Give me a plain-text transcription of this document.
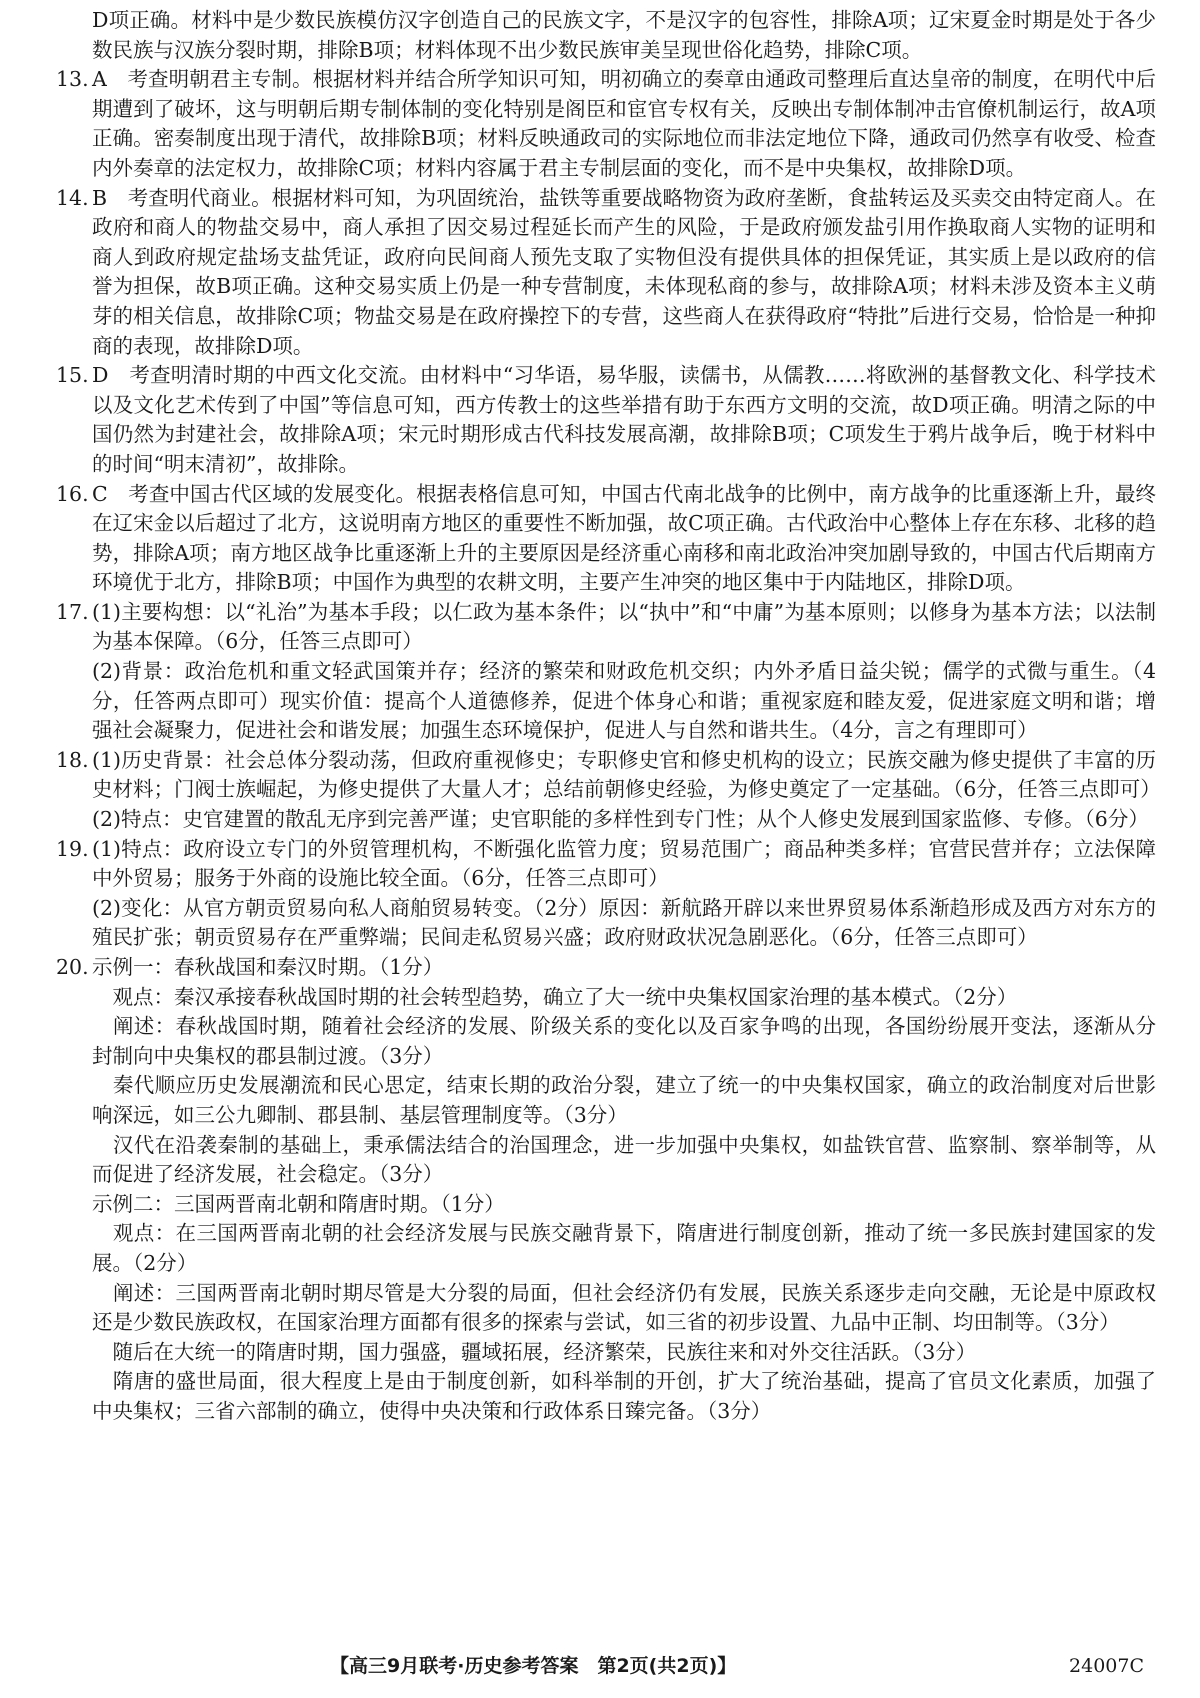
D项正确。材料中是少数民族模仿汉字创造自己的民族文字，不是汉字的包容性，排除A项；辽宋夏金时期是处于各少数民族与汉族分裂时期，排除B项；材料体现不出少数民族审美呈现世俗化趋势，排除C项。

13. A　考查明朝君主专制。根据材料并结合所学知识可知，明初确立的奏章由通政司整理后直达皇帝的制度，在明代中后期遭到了破坏，这与明朝后期专制体制的变化特别是阁臣和宦官专权有关，反映出专制体制冲击官僚机制运行，故A项正确。密奏制度出现于清代，故排除B项；材料反映通政司的实际地位而非法定地位下降，通政司仍然享有收受、检查内外奏章的法定权力，故排除C项；材料内容属于君主专制层面的变化，而不是中央集权，故排除D项。

14. B　考查明代商业。根据材料可知，为巩固统治，盐铁等重要战略物资为政府垄断，食盐转运及买卖交由特定商人。在政府和商人的物盐交易中，商人承担了因交易过程延长而产生的风险，于是政府颁发盐引用作换取商人实物的证明和商人到政府规定盐场支盐凭证，政府向民间商人预先支取了实物但没有提供具体的担保凭证，其实质上是以政府的信誉为担保，故B项正确。这种交易实质上仍是一种专营制度，未体现私商的参与，故排除A项；材料未涉及资本主义萌芽的相关信息，故排除C项；物盐交易是在政府操控下的专营，这些商人在获得政府“特批”后进行交易，恰恰是一种抑商的表现，故排除D项。

15. D　考查明清时期的中西文化交流。由材料中“习华语，易华服，读儒书，从儒教……将欧洲的基督教文化、科学技术以及文化艺术传到了中国”等信息可知，西方传教士的这些举措有助于东西方文明的交流，故D项正确。明清之际的中国仍然为封建社会，故排除A项；宋元时期形成古代科技发展高潮，故排除B项；C项发生于鸦片战争后，晚于材料中的时间“明末清初”，故排除。

16. C　考查中国古代区域的发展变化。根据表格信息可知，中国古代南北战争的比例中，南方战争的比重逐渐上升，最终在辽宋金以后超过了北方，这说明南方地区的重要性不断加强，故C项正确。古代政治中心整体上存在东移、北移的趋势，排除A项；南方地区战争比重逐渐上升的主要原因是经济重心南移和南北政治冲突加剧导致的，中国古代后期南方环境优于北方，排除B项；中国作为典型的农耕文明，主要产生冲突的地区集中于内陆地区，排除D项。

17. (1)主要构想：以“礼治”为基本手段；以仁政为基本条件；以“执中”和“中庸”为基本原则；以修身为基本方法；以法制为基本保障。（6分，任答三点即可）

(2)背景：政治危机和重文轻武国策并存；经济的繁荣和财政危机交织；内外矛盾日益尖锐；儒学的式微与重生。（4分，任答两点即可）现实价值：提高个人道德修养，促进个体身心和谐；重视家庭和睦友爱，促进家庭文明和谐；增强社会凝聚力，促进社会和谐发展；加强生态环境保护，促进人与自然和谐共生。（4分，言之有理即可）

18. (1)历史背景：社会总体分裂动荡，但政府重视修史；专职修史官和修史机构的设立；民族交融为修史提供了丰富的历史材料；门阀士族崛起，为修史提供了大量人才；总结前朝修史经验，为修史奠定了一定基础。（6分，任答三点即可）

(2)特点：史官建置的散乱无序到完善严谨；史官职能的多样性到专门性；从个人修史发展到国家监修、专修。（6分）

19. (1)特点：政府设立专门的外贸管理机构，不断强化监管力度；贸易范围广；商品种类多样；官营民营并存；立法保障中外贸易；服务于外商的设施比较全面。（6分，任答三点即可）

(2)变化：从官方朝贡贸易向私人商舶贸易转变。（2分）原因：新航路开辟以来世界贸易体系渐趋形成及西方对东方的殖民扩张；朝贡贸易存在严重弊端；民间走私贸易兴盛；政府财政状况急剧恶化。（6分，任答三点即可）

20. 示例一：春秋战国和秦汉时期。（1分）

　观点：秦汉承接春秋战国时期的社会转型趋势，确立了大一统中央集权国家治理的基本模式。（2分）

　阐述：春秋战国时期，随着社会经济的发展、阶级关系的变化以及百家争鸣的出现，各国纷纷展开变法，逐渐从分封制向中央集权的郡县制过渡。（3分）

　秦代顺应历史发展潮流和民心思定，结束长期的政治分裂，建立了统一的中央集权国家，确立的政治制度对后世影响深远，如三公九卿制、郡县制、基层管理制度等。（3分）

　汉代在沿袭秦制的基础上，秉承儒法结合的治国理念，进一步加强中央集权，如盐铁官营、监察制、察举制等，从而促进了经济发展，社会稳定。（3分）

示例二：三国两晋南北朝和隋唐时期。（1分）

　观点：在三国两晋南北朝的社会经济发展与民族交融背景下，隋唐进行制度创新，推动了统一多民族封建国家的发展。（2分）

　阐述：三国两晋南北朝时期尽管是大分裂的局面，但社会经济仍有发展，民族关系逐步走向交融，无论是中原政权还是少数民族政权，在国家治理方面都有很多的探索与尝试，如三省的初步设置、九品中正制、均田制等。（3分）

　随后在大统一的隋唐时期，国力强盛，疆域拓展，经济繁荣，民族往来和对外交往活跃。（3分）

　隋唐的盛世局面，很大程度上是由于制度创新，如科举制的开创，扩大了统治基础，提高了官员文化素质，加强了中央集权；三省六部制的确立，使得中央决策和行政体系日臻完备。（3分）

【高三9月联考·历史参考答案　第2页(共2页)】	24007C
